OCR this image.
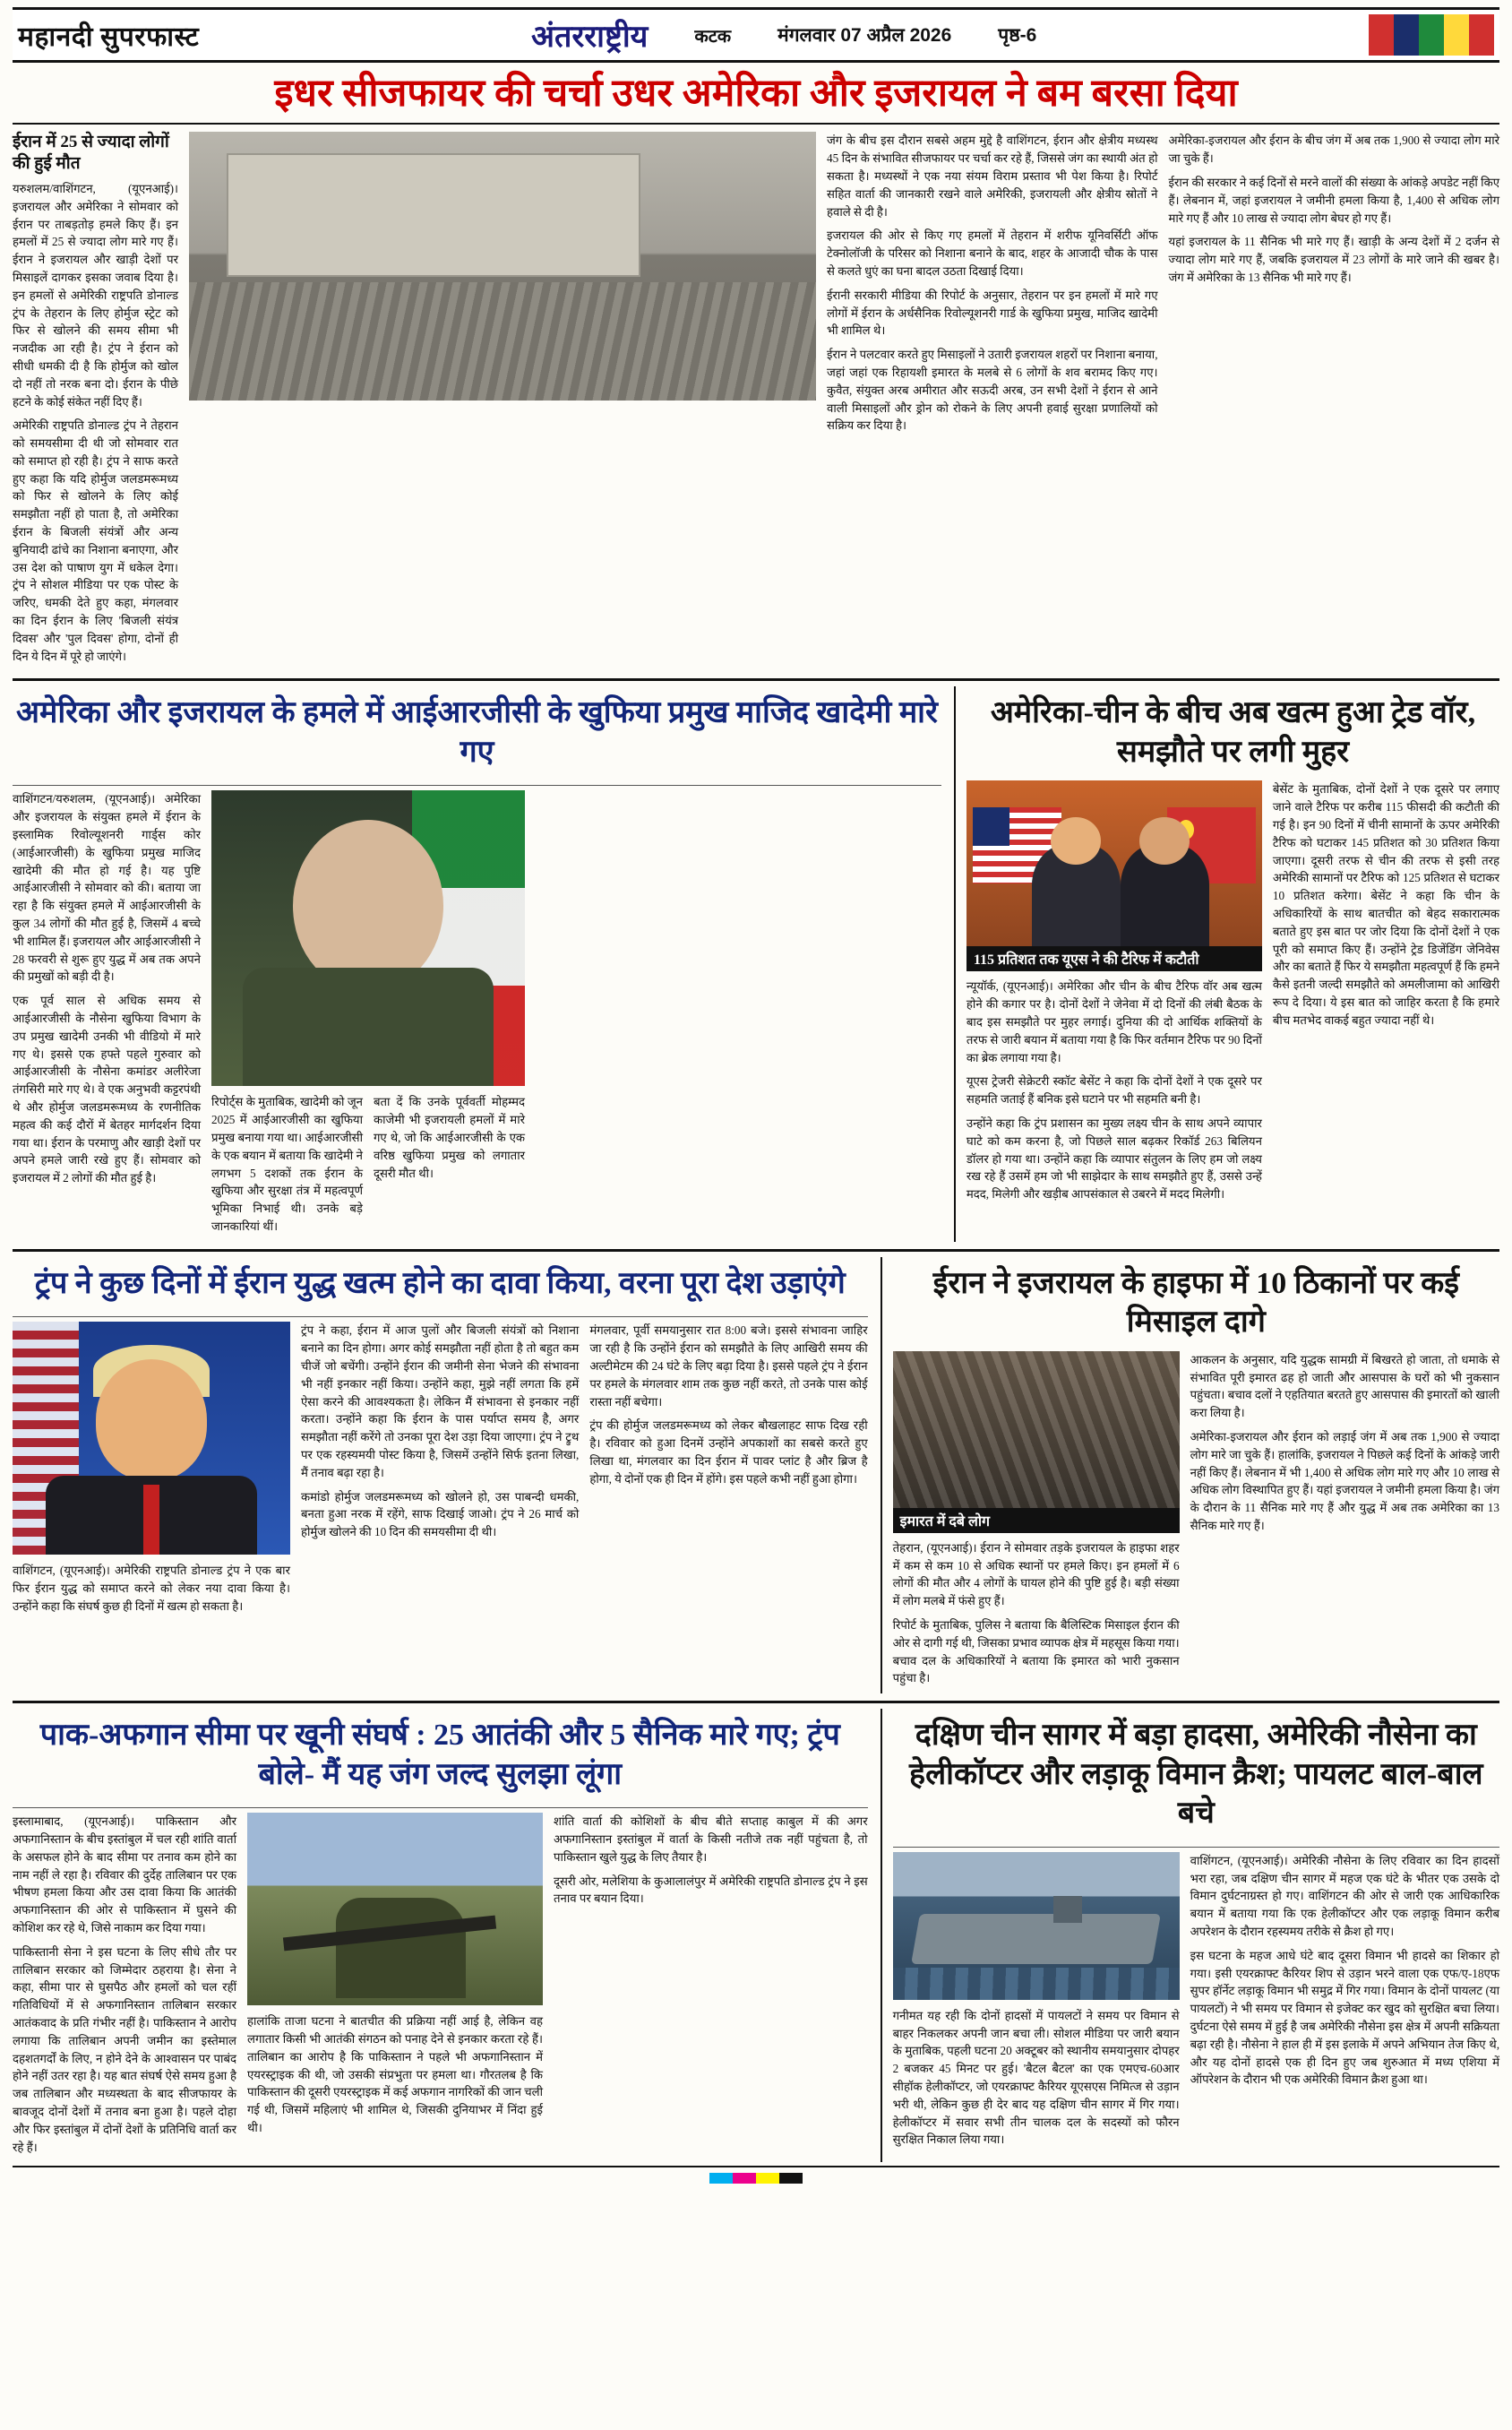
महानदी सुपरफास्ट	अंतरराष्ट्रीय	कटक मंगलवार 07 अप्रैल 2026 पृष्ठ-6
इधर सीजफायर की चर्चा उधर अमेरिका और इजरायल ने बम बरसा दिया
ईरान में 25 से ज्यादा लोगों की हुई मौत

यरुशलम/वाशिंगटन, (यूएनआई)। इजरायल और अमेरिका ने सोमवार को ईरान पर ताबड़तोड़ हमले किए हैं। इन हमलों में 25 से ज्यादा लोग मारे गए हैं। ईरान ने इजरायल और खाड़ी देशों पर मिसाइलें दागकर इसका जवाब दिया है। इन हमलों से अमेरिकी राष्ट्रपति डोनाल्ड ट्रंप के तेहरान के लिए होर्मुज स्ट्रेट को फिर से खोलने की समय सीमा भी नजदीक आ रही है। ट्रंप ने ईरान को सीधी धमकी दी है कि होर्मुज को खोल दो नहीं तो नरक बना दो। ईरान के पीछे हटने के कोई संकेत नहीं दिए हैं।

अमेरिकी राष्ट्रपति डोनाल्ड ट्रंप ने तेहरान को समयसीमा दी थी जो सोमवार रात को समाप्त हो रही है। ट्रंप ने साफ करते हुए कहा कि यदि होर्मुज जलडमरूमध्य को फिर से खोलने के लिए कोई समझौता नहीं हो पाता है, तो अमेरिका ईरान के बिजली संयंत्रों और अन्य बुनियादी ढांचे का निशाना बनाएगा, और उस देश को पाषाण युग में धकेल देगा। ट्रंप ने सोशल मीडिया पर एक पोस्ट के जरिए, धमकी देते हुए कहा, मंगलवार का दिन ईरान के लिए 'बिजली संयंत्र दिवस' और 'पुल दिवस' होगा, दोनों ही दिन ये दिन में पूरे हो जाएंगे।

जंग के बीच इस दौरान सबसे अहम मुद्दे है वाशिंगटन, ईरान और क्षेत्रीय मध्यस्थ 45 दिन के संभावित सीजफायर पर चर्चा कर रहे हैं, जिससे जंग का स्थायी अंत हो सकता है। मध्यस्थों ने एक नया संयम विराम प्रस्ताव भी पेश किया है। रिपोर्ट सहित वार्ता की जानकारी रखने वाले अमेरिकी, इजरायली और क्षेत्रीय स्रोतों ने हवाले से दी है।

इजरायल की ओर से किए गए हमलों में तेहरान में शरीफ यूनिवर्सिटी ऑफ टेक्नोलॉजी के परिसर को निशाना बनाने के बाद, शहर के आजादी चौक के पास से कलते धुएं का घना बादल उठता दिखाई दिया।

ईरानी सरकारी मीडिया की रिपोर्ट के अनुसार, तेहरान पर इन हमलों में मारे गए लोगों में ईरान के अर्धसैनिक रिवोल्यूशनरी गार्ड के खुफिया प्रमुख, माजिद खादेमी भी शामिल थे।

ईरान ने पलटवार करते हुए मिसाइलों ने उतारी इजरायल शहरों पर निशाना बनाया, जहां जहां एक रिहायशी इमारत के मलबे से 6 लोगों के शव बरामद किए गए। कुवैत, संयुक्त अरब अमीरात और सऊदी अरब, उन सभी देशों ने ईरान से आने वाली मिसाइलों और ड्रोन को रोकने के लिए अपनी हवाई सुरक्षा प्रणालियों को सक्रिय कर दिया है।

अमेरिका-इजरायल और ईरान के बीच जंग में अब तक 1,900 से ज्यादा लोग मारे जा चुके हैं।

ईरान की सरकार ने कई दिनों से मरने वालों की संख्या के आंकड़े अपडेट नहीं किए हैं। लेबनान में, जहां इजरायल ने जमीनी हमला किया है, 1,400 से अधिक लोग मारे गए हैं और 10 लाख से ज्यादा लोग बेघर हो गए हैं।

यहां इजरायल के 11 सैनिक भी मारे गए हैं। खाड़ी के अन्य देशों में 2 दर्जन से ज्यादा लोग मारे गए हैं, जबकि इजरायल में 23 लोगों के मारे जाने की खबर है। जंग में अमेरिका के 13 सैनिक भी मारे गए हैं।

अमेरिका और इजरायल के हमले में आईआरजीसी के खुफिया प्रमुख माजिद खादेमी मारे गए

वाशिंगटन/यरुशलम, (यूएनआई)। अमेरिका और इजरायल के संयुक्त हमले में ईरान के इस्लामिक रिवोल्यूशनरी गार्ड्स कोर (आईआरजीसी) के खुफिया प्रमुख माजिद खादेमी की मौत हो गई है। यह पुष्टि आईआरजीसी ने सोमवार को की। बताया जा रहा है कि संयुक्त हमले में आईआरजीसी के कुल 34 लोगों की मौत हुई है, जिसमें 4 बच्चे भी शामिल हैं। इजरायल और आईआरजीसी ने 28 फरवरी से शुरू हुए युद्ध में अब तक अपने की प्रमुखों को बड़ी दी है।

एक पूर्व साल से अधिक समय से आईआरजीसी के नौसेना खुफिया विभाग के उप प्रमुख खादेमी उनकी भी वीडियो में मारे गए थे। इससे एक हफ्ते पहले गुरुवार को आईआरजीसी के नौसेना कमांडर अलीरेजा तंगसिरी मारे गए थे। वे एक अनुभवी कट्टरपंथी थे और होर्मुज जलडमरूमध्य के रणनीतिक महत्व की कई दौरों में बेतहर मार्गदर्शन दिया गया था। ईरान के परमाणु और खाड़ी देशों पर अपने हमले जारी रखे हुए हैं। सोमवार को इजरायल में 2 लोगों की मौत हुई है।

रिपोर्ट्स के मुताबिक, खादेमी को जून 2025 में आईआरजीसी का खुफिया प्रमुख बनाया गया था। आईआरजीसी के एक बयान में बताया कि खादेमी ने लगभग 5 दशकों तक ईरान के खुफिया और सुरक्षा तंत्र में महत्वपूर्ण भूमिका निभाई थी। उनके बड़े जानकारियां थीं।

बता दें कि उनके पूर्ववर्ती मोहम्मद काजेमी भी इजरायली हमलों में मारे गए थे, जो कि आईआरजीसी के एक वरिष्ठ खुफिया प्रमुख को लगातार दूसरी मौत थी।

अमेरिका-चीन के बीच अब खत्म हुआ ट्रेड वॉर, समझौते पर लगी मुहर
115 प्रतिशत तक यूएस ने की टैरिफ में कटौती

न्यूयॉर्क, (यूएनआई)। अमेरिका और चीन के बीच टैरिफ वॉर अब खत्म होने की कगार पर है। दोनों देशों ने जेनेवा में दो दिनों की लंबी बैठक के बाद इस समझौते पर मुहर लगाई। दुनिया की दो आर्थिक शक्तियों के तरफ से जारी बयान में बताया गया है कि फिर वर्तमान टैरिफ पर 90 दिनों का ब्रेक लगाया गया है।

यूएस ट्रेजरी सेक्रेटरी स्कॉट बेसेंट ने कहा कि दोनों देशों ने एक दूसरे पर सहमति जताई हैं बनिक इसे घटाने पर भी सहमति बनी है।

उन्होंने कहा कि ट्रंप प्रशासन का मुख्य लक्ष्य चीन के साथ अपने व्यापार घाटे को कम करना है, जो पिछले साल बढ़कर रिकॉर्ड 263 बिलियन डॉलर हो गया था। उन्होंने कहा कि व्यापार संतुलन के लिए हम जो लक्ष्य रख रहे हैं उसमें हम जो भी साझेदार के साथ समझौते हुए हैं, उससे उन्हें मदद, मिलेगी और खड़ीब आपसंकाल से उबरने में मदद मिलेगी।

बेसेंट के मुताबिक, दोनों देशों ने एक दूसरे पर लगाए जाने वाले टैरिफ पर करीब 115 फीसदी की कटौती की गई है। इन 90 दिनों में चीनी सामानों के ऊपर अमेरिकी टैरिफ को घटाकर 145 प्रतिशत को 30 प्रतिशत किया जाएगा। दूसरी तरफ से चीन की तरफ से इसी तरह अमेरिकी सामानों पर टैरिफ को 125 प्रतिशत से घटाकर 10 प्रतिशत करेगा। बेसेंट ने कहा कि चीन के अधिकारियों के साथ बातचीत को बेहद सकारात्मक बताते हुए इस बात पर जोर दिया कि दोनों देशों ने एक पूरी को समाप्त किए हैं। उन्होंने ट्रेड डिजेंडिंग जेनिवेस और का बताते हैं फिर ये समझौता महत्वपूर्ण हैं कि हमने कैसे इतनी जल्दी समझौते को अमलीजामा को आखिरी रूप दे दिया। ये इस बात को जाहिर करता है कि हमारे बीच मतभेद वाकई बहुत ज्यादा नहीं थे।

ट्रंप ने कुछ दिनों में ईरान युद्ध खत्म होने का दावा किया, वरना पूरा देश उड़ाएंगे

वाशिंगटन, (यूएनआई)। अमेरिकी राष्ट्रपति डोनाल्ड ट्रंप ने एक बार फिर ईरान युद्ध को समाप्त करने को लेकर नया दावा किया है। उन्होंने कहा कि संघर्ष कुछ ही दिनों में खत्म हो सकता है।

ट्रंप ने कहा, ईरान में आज पुलों और बिजली संयंत्रों को निशाना बनाने का दिन होगा। अगर कोई समझौता नहीं होता है तो बहुत कम चीजें जो बचेंगी। उन्होंने ईरान की जमीनी सेना भेजने की संभावना भी नहीं इनकार नहीं किया। उन्होंने कहा, मुझे नहीं लगता कि हमें ऐसा करने की आवश्यकता है। लेकिन मैं संभावना से इनकार नहीं करता। उन्होंने कहा कि ईरान के पास पर्याप्त समय है, अगर समझौता नहीं करेंगे तो उनका पूरा देश उड़ा दिया जाएगा। ट्रंप ने ट्रुथ पर एक रहस्यमयी पोस्ट किया है, जिसमें उन्होंने सिर्फ इतना लिखा, मैं तनाव बढ़ा रहा है।

कमांडो होर्मुज जलडमरूमध्य को खोलने हो, उस पाबन्दी धमकी, बनता हुआ नरक में रहेंगे, साफ दिखाई जाओ। ट्रंप ने 26 मार्च को होर्मुज खोलने की 10 दिन की समयसीमा दी थी।

मंगलवार, पूर्वी समयानुसार रात 8:00 बजे। इससे संभावना जाहिर जा रही है कि उन्होंने ईरान को समझौते के लिए आखिरी समय की अल्टीमेटम की 24 घंटे के लिए बढ़ा दिया है। इससे पहले ट्रंप ने ईरान पर हमले के मंगलवार शाम तक कुछ नहीं करते, तो उनके पास कोई रास्ता नहीं बचेगा।

ट्रंप की होर्मुज जलडमरूमध्य को लेकर बौखलाहट साफ दिख रही है। रविवार को हुआ दिनमें उन्होंने अपकाशों का सबसे करते हुए लिखा था, मंगलवार का दिन ईरान में पावर प्लांट है और ब्रिज है होगा, ये दोनों एक ही दिन में होंगे। इस पहले कभी नहीं हुआ होगा।

ईरान ने इजरायल के हाइफा में 10 ठिकानों पर कई मिसाइल दागे
इमारत में दबे लोग

तेहरान, (यूएनआई)। ईरान ने सोमवार तड़के इजरायल के हाइफा शहर में कम से कम 10 से अधिक स्थानों पर हमले किए। इन हमलों में 6 लोगों की मौत और 4 लोगों के घायल होने की पुष्टि हुई है। बड़ी संख्या में लोग मलबे में फंसे हुए हैं।

रिपोर्ट के मुताबिक, पुलिस ने बताया कि बैलिस्टिक मिसाइल ईरान की ओर से दागी गई थी, जिसका प्रभाव व्यापक क्षेत्र में महसूस किया गया। बचाव दल के अधिकारियों ने बताया कि इमारत को भारी नुकसान पहुंचा है।

आकलन के अनुसार, यदि युद्धक सामग्री में बिखरते हो जाता, तो धमाके से संभावित पूरी इमारत ढह हो जाती और आसपास के घरों को भी नुकसान पहुंचता। बचाव दलों ने एहतियात बरतते हुए आसपास की इमारतों को खाली करा लिया है।

अमेरिका-इजरायल और ईरान को लड़ाई जंग में अब तक 1,900 से ज्यादा लोग मारे जा चुके हैं। हालांकि, इजरायल ने पिछले कई दिनों के आंकड़े जारी नहीं किए हैं। लेबनान में भी 1,400 से अधिक लोग मारे गए और 10 लाख से अधिक लोग विस्थापित हुए हैं। यहां इजरायल ने जमीनी हमला किया है। जंग के दौरान के 11 सैनिक मारे गए हैं और युद्ध में अब तक अमेरिका का 13 सैनिक मारे गए हैं।

पाक-अफगान सीमा पर खूनी संघर्ष : 25 आतंकी और 5 सैनिक मारे गए; ट्रंप बोले- मैं यह जंग जल्द सुलझा लूंगा

इस्लामाबाद, (यूएनआई)। पाकिस्तान और अफगानिस्तान के बीच इस्तांबुल में चल रही शांति वार्ता के असफल होने के बाद सीमा पर तनाव कम होने का नाम नहीं ले रहा है। रविवार की दुर्देह तालिबान पर एक भीषण हमला किया और उस दावा किया कि आतंकी अफगानिस्तान की ओर से पाकिस्तान में घुसने की कोशिश कर रहे थे, जिसे नाकाम कर दिया गया।

पाकिस्तानी सेना ने इस घटना के लिए सीधे तौर पर तालिबान सरकार को जिम्मेदार ठहराया है। सेना ने कहा, सीमा पार से घुसपैठ और हमलों को चल रहीं गतिविधियों में से अफगानिस्तान तालिबान सरकार आतंकवाद के प्रति गंभीर नहीं है। पाकिस्तान ने आरोप लगाया कि तालिबान अपनी जमीन का इस्तेमाल दहशतगर्दों के लिए, न होने देने के आश्वासन पर पाबंद होने नहीं उतर रहा है। यह बात संघर्ष ऐसे समय हुआ है जब तालिबान और मध्यस्थता के बाद सीजफायर के बावजूद दोनों देशों में तनाव बना हुआ है। पहले दोहा और फिर इस्तांबुल में दोनों देशों के प्रतिनिधि वार्ता कर रहे हैं।

हालांकि ताजा घटना ने बातचीत की प्रक्रिया नहीं आई है, लेकिन वह लगातार किसी भी आतंकी संगठन को पनाह देने से इनकार करता रहे हैं। तालिबान का आरोप है कि पाकिस्तान ने पहले भी अफगानिस्तान में एयरस्ट्राइक की थी, जो उसकी संप्रभुता पर हमला था। गौरतलब है कि पाकिस्तान की दूसरी एयरस्ट्राइक में कई अफगान नागरिकों की जान चली गई थी, जिसमें महिलाएं भी शामिल थे, जिसकी दुनियाभर में निंदा हुई थी।

शांति वार्ता की कोशिशों के बीच बीते सप्ताह काबुल में की अगर अफगानिस्तान इस्तांबुल में वार्ता के किसी नतीजे तक नहीं पहुंचता है, तो पाकिस्तान खुले युद्ध के लिए तैयार है।

दूसरी ओर, मलेशिया के कुआलालंपुर में अमेरिकी राष्ट्रपति डोनाल्ड ट्रंप ने इस तनाव पर बयान दिया।

दक्षिण चीन सागर में बड़ा हादसा, अमेरिकी नौसेना का हेलीकॉप्टर और लड़ाकू विमान क्रैश; पायलट बाल-बाल बचे

गनीमत यह रही कि दोनों हादसों में पायलटों ने समय पर विमान से बाहर निकलकर अपनी जान बचा ली। सोशल मीडिया पर जारी बयान के मुताबिक, पहली घटना 20 अक्टूबर को स्थानीय समयानुसार दोपहर 2 बजकर 45 मिनट पर हुई। 'बैटल बैटल' का एक एमएच-60आर सीहॉक हेलीकॉप्टर, जो एयरक्राफ्ट कैरियर यूएसएस निमित्ज से उड़ान भरी थी, लेकिन कुछ ही देर बाद यह दक्षिण चीन सागर में गिर गया। हेलीकॉप्टर में सवार सभी तीन चालक दल के सदस्यों को फौरन सुरक्षित निकाल लिया गया।

वाशिंगटन, (यूएनआई)। अमेरिकी नौसेना के लिए रविवार का दिन हादसों भरा रहा, जब दक्षिण चीन सागर में महज एक घंटे के भीतर एक उसके दो विमान दुर्घटनाग्रस्त हो गए। वाशिंगटन की ओर से जारी एक आधिकारिक बयान में बताया गया कि एक हेलीकॉप्टर और एक लड़ाकू विमान करीब अपरेशन के दौरान रहस्यमय तरीके से क्रैश हो गए।

इस घटना के महज आधे घंटे बाद दूसरा विमान भी हादसे का शिकार हो गया। इसी एयरक्राफ्ट कैरियर शिप से उड़ान भरने वाला एक एफ/ए-18एफ सुपर हॉर्नेट लड़ाकू विमान भी समुद्र में गिर गया। विमान के दोनों पायलट (या पायलटों) ने भी समय पर विमान से इजेक्ट कर खुद को सुरक्षित बचा लिया। दुर्घटना ऐसे समय में हुई है जब अमेरिकी नौसेना इस क्षेत्र में अपनी सक्रियता बढ़ा रही है। नौसेना ने हाल ही में इस इलाके में अपने अभियान तेज किए थे, और यह दोनों हादसे एक ही दिन हुए जब शुरुआत में मध्य एशिया में ऑपरेशन के दौरान भी एक अमेरिकी विमान क्रैश हुआ था।
